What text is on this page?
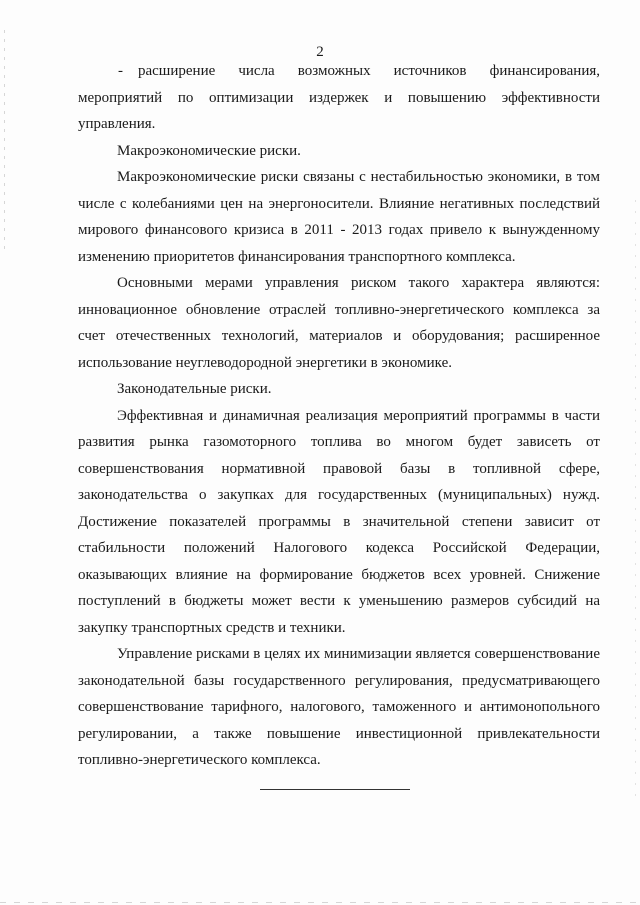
2

- расширение числа возможных источников финансирования, мероприятий по оптимизации издержек и повышению эффективности управления.

Макроэкономические риски.

Макроэкономические риски связаны с нестабильностью экономики, в том числе с колебаниями цен на энергоносители. Влияние негативных последствий мирового финансового кризиса в 2011 - 2013 годах привело к вынужденному изменению приоритетов финансирования транспортного комплекса.

Основными мерами управления риском такого характера являются: инновационное обновление отраслей топливно-энергетического комплекса за счет отечественных технологий, материалов и оборудования; расширенное использование неуглеводородной энергетики в экономике.

Законодательные риски.

Эффективная и динамичная реализация мероприятий программы в части развития рынка газомоторного топлива во многом будет зависеть от совершенствования нормативной правовой базы в топливной сфере, законодательства о закупках для государственных (муниципальных) нужд. Достижение показателей программы в значительной степени зависит от стабильности положений Налогового кодекса Российской Федерации, оказывающих влияние на формирование бюджетов всех уровней. Снижение поступлений в бюджеты может вести к уменьшению размеров субсидий на закупку транспортных средств и техники.

Управление рисками в целях их минимизации является совершенствование законодательной базы государственного регулирования, предусматривающего совершенствование тарифного, налогового, таможенного и антимонопольного регулировании, а также повышение инвестиционной привлекательности топливно-энергетического комплекса.
